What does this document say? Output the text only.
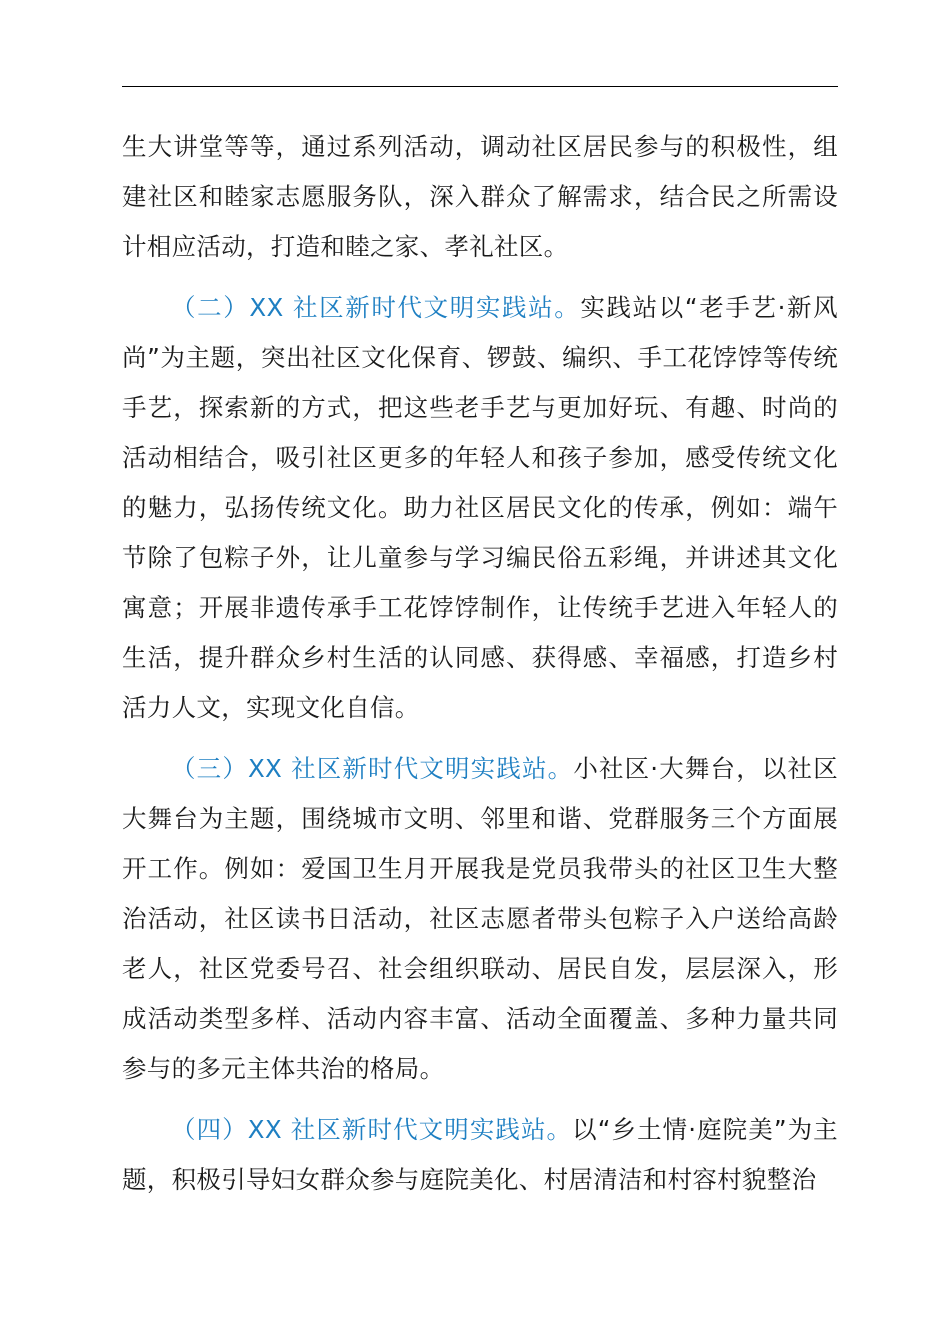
生大讲堂等等，通过系列活动，调动社区居民参与的积极性，组建社区和睦家志愿服务队，深入群众了解需求，结合民之所需设计相应活动，打造和睦之家、孝礼社区。

（二）XX 社区新时代文明实践站。实践站以“老手艺·新风尚”为主题，突出社区文化保育、锣鼓、编织、手工花饽饽等传统手艺，探索新的方式，把这些老手艺与更加好玩、有趣、时尚的活动相结合，吸引社区更多的年轻人和孩子参加，感受传统文化的魅力，弘扬传统文化。助力社区居民文化的传承，例如：端午节除了包粽子外，让儿童参与学习编民俗五彩绳，并讲述其文化寓意；开展非遗传承手工花饽饽制作，让传统手艺进入年轻人的生活，提升群众乡村生活的认同感、获得感、幸福感，打造乡村活力人文，实现文化自信。

（三）XX 社区新时代文明实践站。小社区·大舞台，以社区大舞台为主题，围绕城市文明、邻里和谐、党群服务三个方面展开工作。例如：爱国卫生月开展我是党员我带头的社区卫生大整治活动，社区读书日活动，社区志愿者带头包粽子入户送给高龄老人，社区党委号召、社会组织联动、居民自发，层层深入，形成活动类型多样、活动内容丰富、活动全面覆盖、多种力量共同参与的多元主体共治的格局。

（四）XX 社区新时代文明实践站。以“乡土情·庭院美”为主题，积极引导妇女群众参与庭院美化、村居清洁和村容村貌整治
